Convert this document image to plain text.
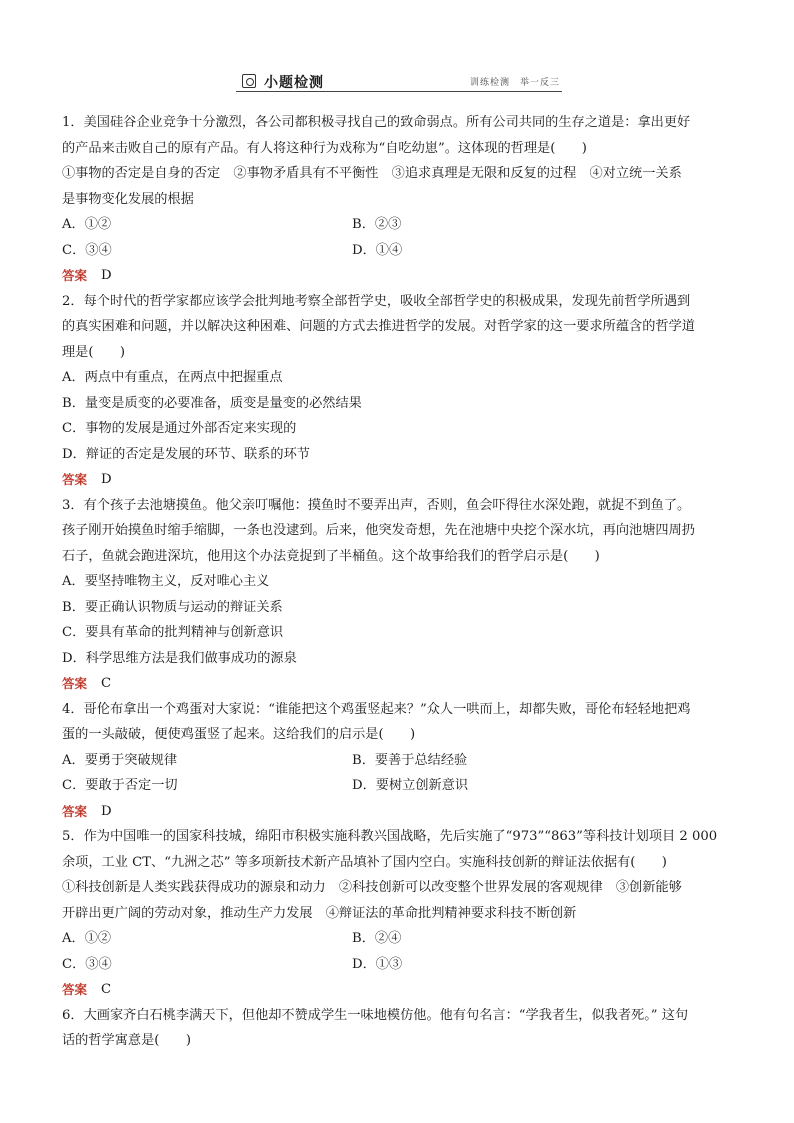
小题检测	训练检测　举一反三

1．美国硅谷企业竞争十分激烈，各公司都积极寻找自己的致命弱点。所有公司共同的生存之道是：拿出更好

的产品来击败自己的原有产品。有人将这种行为戏称为“自吃幼崽”。这体现的哲理是(　　)

①事物的否定是自身的否定　②事物矛盾具有不平衡性　③追求真理是无限和反复的过程　④对立统一关系

是事物变化发展的根据

A．①②	B．②③
C．③④	D．①④
答案 D

2．每个时代的哲学家都应该学会批判地考察全部哲学史，吸收全部哲学史的积极成果，发现先前哲学所遇到

的真实困难和问题，并以解决这种困难、问题的方式去推进哲学的发展。对哲学家的这一要求所蕴含的哲学道

理是(　　)

A．两点中有重点，在两点中把握重点

B．量变是质变的必要准备，质变是量变的必然结果

C．事物的发展是通过外部否定来实现的

D．辩证的否定是发展的环节、联系的环节

答案 D

3．有个孩子去池塘摸鱼。他父亲叮嘱他：摸鱼时不要弄出声，否则，鱼会吓得往水深处跑，就捉不到鱼了。

孩子刚开始摸鱼时缩手缩脚，一条也没逮到。后来，他突发奇想，先在池塘中央挖个深水坑，再向池塘四周扔

石子，鱼就会跑进深坑，他用这个办法竟捉到了半桶鱼。这个故事给我们的哲学启示是(　　)

A．要坚持唯物主义，反对唯心主义

B．要正确认识物质与运动的辩证关系

C．要具有革命的批判精神与创新意识

D．科学思维方法是我们做事成功的源泉

答案 C

4．哥伦布拿出一个鸡蛋对大家说：“谁能把这个鸡蛋竖起来？”众人一哄而上，却都失败，哥伦布轻轻地把鸡

蛋的一头敲破，便使鸡蛋竖了起来。这给我们的启示是(　　)

A．要勇于突破规律	B．要善于总结经验
C．要敢于否定一切	D．要树立创新意识
答案 D

5．作为中国唯一的国家科技城，绵阳市积极实施科教兴国战略，先后实施了“973”“863”等科技计划项目 2 000

余项，工业 CT、“九洲之芯” 等多项新技术新产品填补了国内空白。实施科技创新的辩证法依据有(　　)

①科技创新是人类实践获得成功的源泉和动力　②科技创新可以改变整个世界发展的客观规律　③创新能够

开辟出更广阔的劳动对象，推动生产力发展　④辩证法的革命批判精神要求科技不断创新

A．①②	B．②④
C．③④	D．①③
答案 C

6．大画家齐白石桃李满天下，但他却不赞成学生一味地模仿他。他有句名言：“学我者生，似我者死。” 这句

话的哲学寓意是(　　)
